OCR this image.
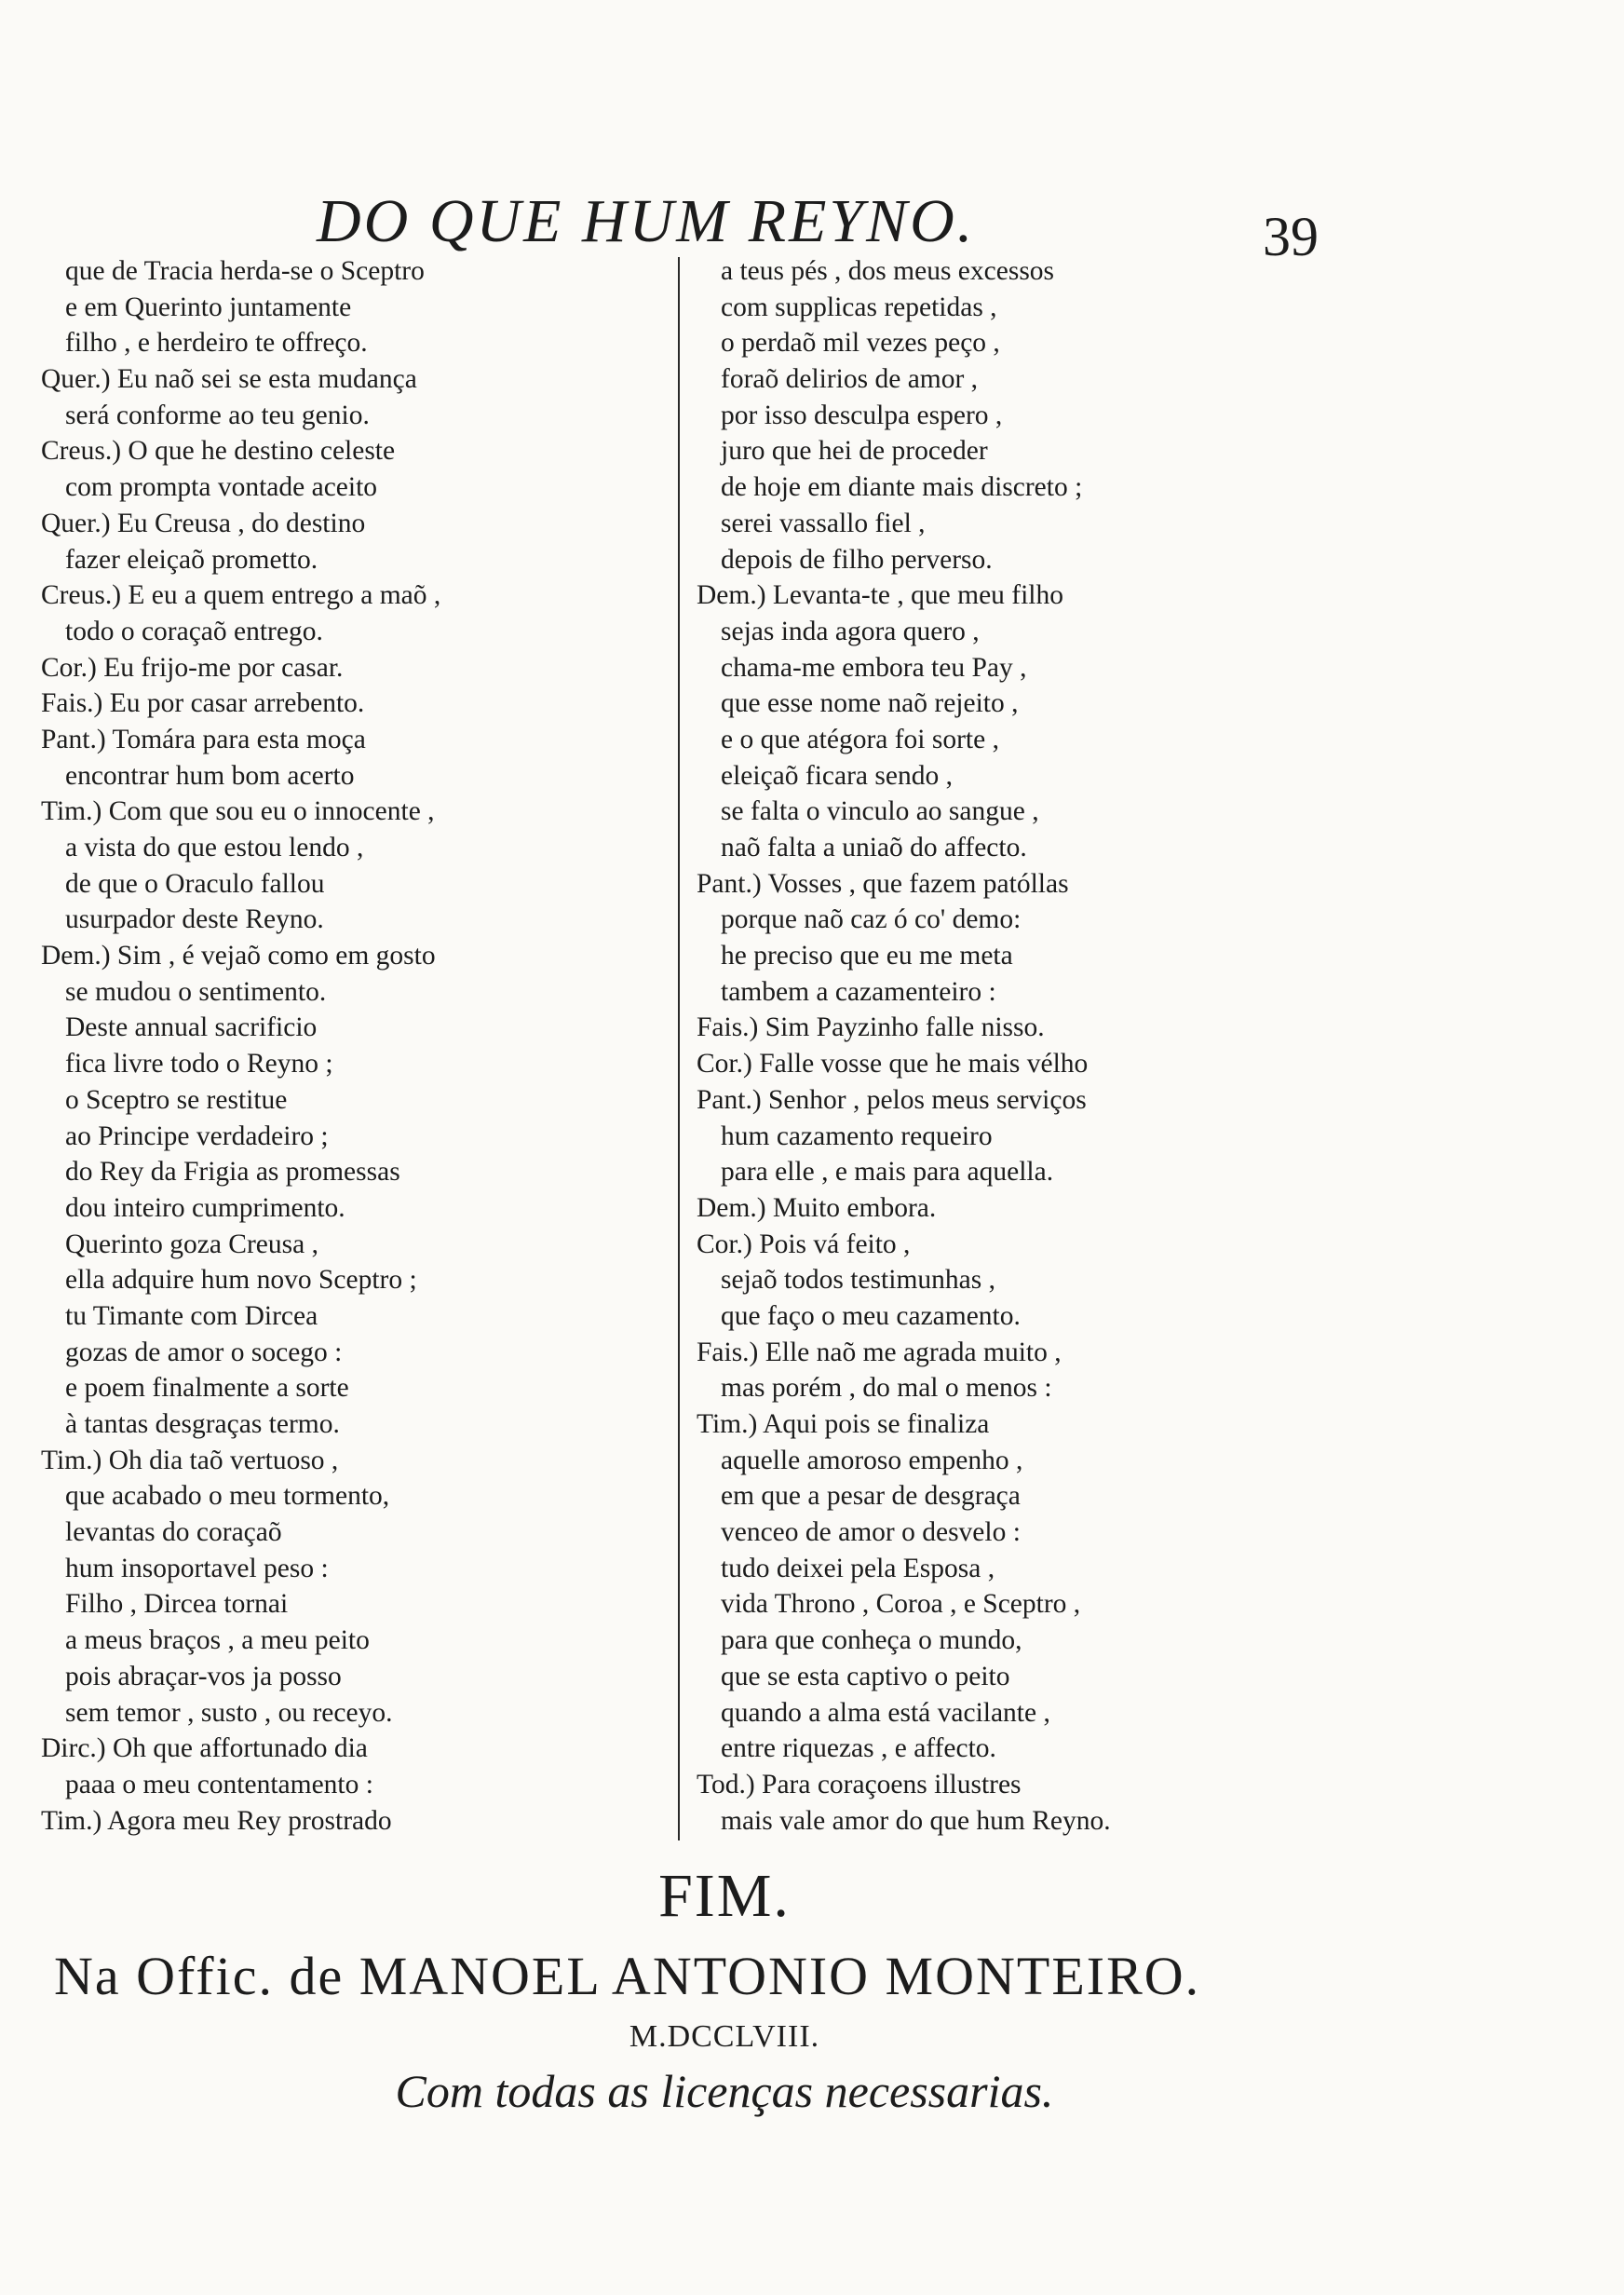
DO QUE HUM REYNO.	39
que de Tracia herda-se o Sceptro
e em Querinto juntamente
filho , e herdeiro te offreço.
Quer.) Eu naõ sei se esta mudança
será conforme ao teu genio.
Creus.) O que he destino celeste
com prompta vontade aceito
Quer.) Eu Creusa , do destino
fazer eleiçaõ prometto.
Creus.) E eu a quem entrego a maõ ,
todo o coraçaõ entrego.
Cor.) Eu frijo-me por casar.
Fais.) Eu por casar arrebento.
Pant.) Tomára para esta moça
encontrar hum bom acerto
Tim.) Com que sou eu o innocente ,
a vista do que estou lendo ,
de que o Oraculo fallou
usurpador deste Reyno.
Dem.) Sim , é vejaõ como em gosto
se mudou o sentimento.
Deste annual sacrificio
fica livre todo o Reyno ;
o Sceptro se restitue
ao Principe verdadeiro ;
do Rey da Frigia as promessas
dou inteiro cumprimento.
Querinto goza Creusa ,
ella adquire hum novo Sceptro ;
tu Timante com Dircea
gozas de amor o socego :
e poem finalmente a sorte
à tantas desgraças termo.
Tim.) Oh dia taõ vertuoso ,
que acabado o meu tormento,
levantas do coraçaõ
hum insoportavel peso :
Filho , Dircea tornai
a meus braços , a meu peito
pois abraçar-vos ja posso
sem temor , susto , ou receyo.
Dirc.) Oh que affortunado dia
paaa o meu contentamento :
Tim.) Agora meu Rey prostrado
a teus pés , dos meus excessos
com supplicas repetidas ,
o perdaõ mil vezes peço ,
foraõ delirios de amor ,
por isso desculpa espero ,
juro que hei de proceder
de hoje em diante mais discreto ;
serei vassallo fiel ,
depois de filho perverso.
Dem.) Levanta-te , que meu filho
sejas inda agora quero ,
chama-me embora teu Pay ,
que esse nome naõ rejeito ,
e o que atégora foi sorte ,
eleiçaõ ficara sendo ,
se falta o vinculo ao sangue ,
naõ falta a uniaõ do affecto.
Pant.) Vosses , que fazem patóllas
porque naõ caz ó co' demo:
he preciso que eu me meta
tambem a cazamenteiro :
Fais.) Sim Payzinho falle nisso.
Cor.) Falle vosse que he mais vélho
Pant.) Senhor , pelos meus serviços
hum cazamento requeiro
para elle , e mais para aquella.
Dem.) Muito embora.
Cor.) Pois vá feito ,
sejaõ todos testimunhas ,
que faço o meu cazamento.
Fais.) Elle naõ me agrada muito ,
mas porém , do mal o menos :
Tim.) Aqui pois se finaliza
aquelle amoroso empenho ,
em que a pesar de desgraça
venceo de amor o desvelo :
tudo deixei pela Esposa ,
vida Throno , Coroa , e Sceptro ,
para que conheça o mundo,
que se esta captivo o peito
quando a alma está vacilante ,
entre riquezas , e affecto.
Tod.) Para coraçoens illustres
mais vale amor do que hum Reyno.
FIM.
Na Offic. de MANOEL ANTONIO MONTEIRO.
M.DCCLVIII.
Com todas as licenças necessarias.
